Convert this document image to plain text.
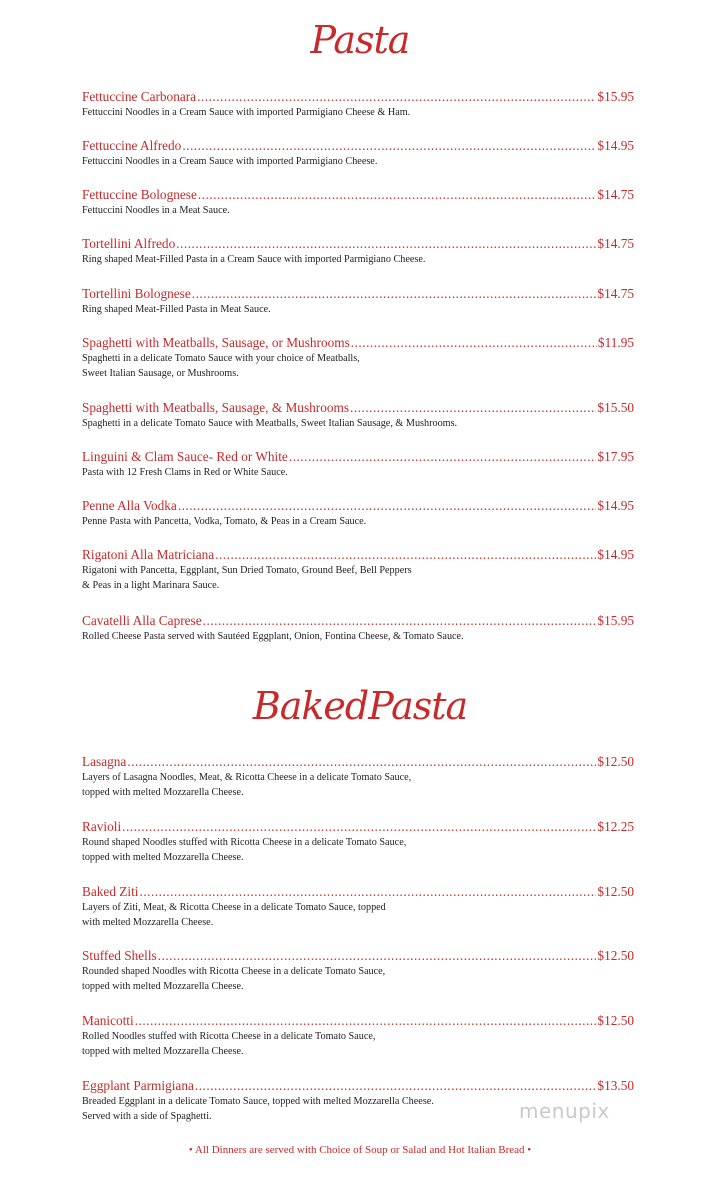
Pasta
Fettuccine Carbonara .....	$15.95
Fettuccini Noodles in a Cream Sauce with imported Parmigiano Cheese & Ham.
Fettuccine Alfredo .....	$14.95
Fettuccini Noodles in a Cream Sauce with imported Parmigiano Cheese.
Fettuccine Bolognese .....	$14.75
Fettuccini Noodles in a Meat Sauce.
Tortellini Alfredo .....	$14.75
Ring shaped Meat-Filled Pasta in a Cream Sauce with imported Parmigiano Cheese.
Tortellini Bolognese .....	$14.75
Ring shaped Meat-Filled Pasta in Meat Sauce.
Spaghetti with Meatballs, Sausage, or Mushrooms .....	$11.95
Spaghetti in a delicate Tomato Sauce with your choice of Meatballs,
Sweet Italian Sausage, or Mushrooms.
Spaghetti with Meatballs, Sausage, & Mushrooms .....	$15.50
Spaghetti in a delicate Tomato Sauce with Meatballs, Sweet Italian Sausage, & Mushrooms.
Linguini & Clam Sauce- Red or White .....	$17.95
Pasta with 12 Fresh Clams in Red or White Sauce.
Penne Alla Vodka .....	$14.95
Penne Pasta with Pancetta, Vodka, Tomato, & Peas in a Cream Sauce.
Rigatoni Alla Matriciana .....	$14.95
Rigatoni with Pancetta, Eggplant, Sun Dried Tomato, Ground Beef, Bell Peppers
& Peas in a light Marinara Sauce.
Cavatelli Alla Caprese .....	$15.95
Rolled Cheese Pasta served with Sautéed Eggplant, Onion, Fontina Cheese, & Tomato Sauce.
BakedPasta
Lasagna .....	$12.50
Layers of Lasagna Noodles, Meat, & Ricotta Cheese in a delicate Tomato Sauce,
topped with melted Mozzarella Cheese.
Ravioli .....	$12.25
Round shaped Noodles stuffed with Ricotta Cheese in a delicate Tomato Sauce,
topped with melted Mozzarella Cheese.
Baked Ziti .....	$12.50
Layers of Ziti, Meat, & Ricotta Cheese in a delicate Tomato Sauce, topped
with melted Mozzarella Cheese.
Stuffed Shells .....	$12.50
Rounded shaped Noodles with Ricotta Cheese in a delicate Tomato Sauce,
topped with melted Mozzarella Cheese.
Manicotti .....	$12.50
Rolled Noodles stuffed with Ricotta Cheese in a delicate Tomato Sauce,
topped with melted Mozzarella Cheese.
Eggplant Parmigiana .....	$13.50
Breaded Eggplant in a delicate Tomato Sauce, topped with melted Mozzarella Cheese.
Served with a side of Spaghetti.
• All Dinners are served with Choice of Soup or Salad and Hot Italian Bread •
menupix
